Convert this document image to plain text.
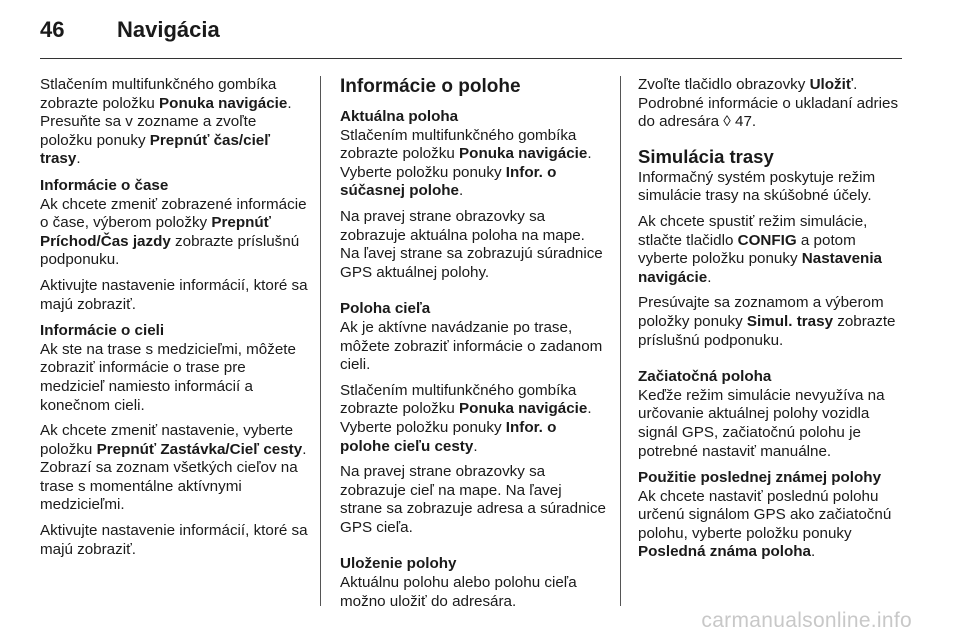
46 Navigácia

Stlačením multifunkčného gombíka zobrazte položku Ponuka navigácie. Presuňte sa v zozname a zvoľte položku ponuky Prepnúť čas/cieľ trasy.

Informácie o čase

Ak chcete zmeniť zobrazené informácie o čase, výberom položky Prepnúť Príchod/Čas jazdy zobrazte príslušnú podponuku.

Aktivujte nastavenie informácií, ktoré sa majú zobraziť.

Informácie o cieli

Ak ste na trase s medzicieľmi, môžete zobraziť informácie o trase pre medzicieľ namiesto informácií a konečnom cieli.

Ak chcete zmeniť nastavenie, vyberte položku Prepnúť Zastávka/Cieľ cesty. Zobrazí sa zoznam všetkých cieľov na trase s momentálne aktívnymi medzicieľmi.

Aktivujte nastavenie informácií, ktoré sa majú zobraziť.

Informácie o polohe
Aktuálna poloha

Stlačením multifunkčného gombíka zobrazte položku Ponuka navigácie. Vyberte položku ponuky Infor. o súčasnej polohe.

Na pravej strane obrazovky sa zobrazuje aktuálna poloha na mape. Na ľavej strane sa zobrazujú súradnice GPS aktuálnej polohy.

Poloha cieľa

Ak je aktívne navádzanie po trase, môžete zobraziť informácie o zadanom cieli.

Stlačením multifunkčného gombíka zobrazte položku Ponuka navigácie. Vyberte položku ponuky Infor. o polohe cieľu cesty.

Na pravej strane obrazovky sa zobrazuje cieľ na mape. Na ľavej strane sa zobrazuje adresa a súradnice GPS cieľa.

Uloženie polohy

Aktuálnu polohu alebo polohu cieľa možno uložiť do adresára.

Zvoľte tlačidlo obrazovky Uložiť. Podrobné informácie o ukladaní adries do adresára ◊ 47.

Simulácia trasy

Informačný systém poskytuje režim simulácie trasy na skúšobné účely.

Ak chcete spustiť režim simulácie, stlačte tlačidlo CONFIG a potom vyberte položku ponuky Nastavenia navigácie.

Presúvajte sa zoznamom a výberom položky ponuky Simul. trasy zobrazte príslušnú podponuku.

Začiatočná poloha

Keďže režim simulácie nevyužíva na určovanie aktuálnej polohy vozidla signál GPS, začiatočnú polohu je potrebné nastaviť manuálne.

Použitie poslednej známej polohy

Ak chcete nastaviť poslednú polohu určenú signálom GPS ako začiatočnú polohu, vyberte položku ponuky Posledná známa poloha.

carmanualsonline.info
